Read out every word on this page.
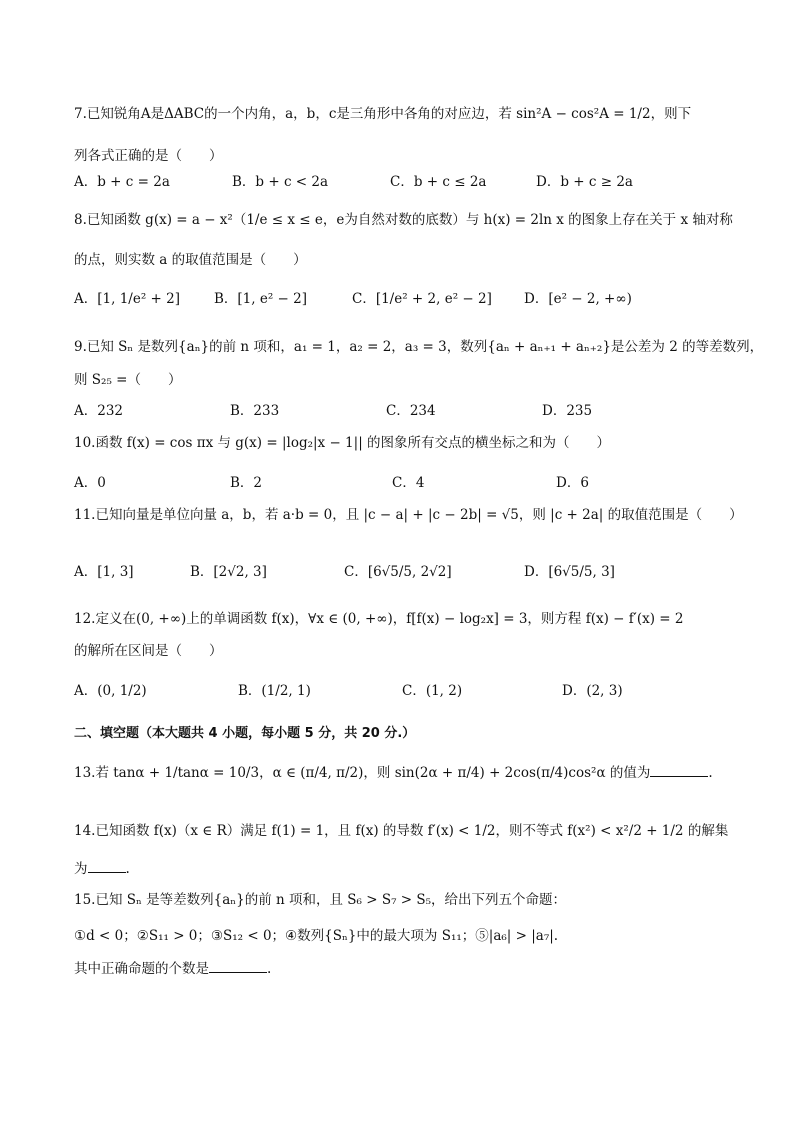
7.已知锐角A是ΔABC的一个内角，a，b，c是三角形中各角的对应边，若 sin²A − cos²A = 1/2，则下
列各式正确的是（　　）
A．b + c = 2a	B．b + c < 2a	C．b + c ≤ 2a	D．b + c ≥ 2a
8.已知函数 g(x) = a − x²（1/e ≤ x ≤ e，e为自然对数的底数）与 h(x) = 2ln x 的图象上存在关于 x 轴对称
的点，则实数 a 的取值范围是（　　）
A．[1, 1/e² + 2]	B．[1, e² − 2]	C．[1/e² + 2, e² − 2] D．[e² − 2, +∞)
9.已知 Sₙ 是数列{aₙ}的前 n 项和，a₁ = 1，a₂ = 2，a₃ = 3，数列{aₙ + aₙ₊₁ + aₙ₊₂}是公差为 2 的等差数列，
则 S₂₅ =（　　）
A．232	B．233	C．234	D．235
10.函数 f(x) = cos πx 与 g(x) = |log₂|x − 1|| 的图象所有交点的横坐标之和为（　　）
A．0	B．2	C．4	D．6
11.已知向量是单位向量 a，b，若 a·b = 0，且 |c − a| + |c − 2b| = √5，则 |c + 2a| 的取值范围是（　　）
A．[1, 3]	B．[2√2, 3]	C．[6√5/5, 2√2]	D．[6√5/5, 3]
12.定义在(0, +∞)上的单调函数 f(x)，∀x ∈ (0, +∞)，f[f(x) − log₂x] = 3，则方程 f(x) − f′(x) = 2
的解所在区间是（　　）
A．(0, 1/2)	B．(1/2, 1)	C．(1, 2)	D．(2, 3)
二、填空题（本大题共 4 小题，每小题 5 分，共 20 分.）
13.若 tanα + 1/tanα = 10/3，α ∈ (π/4, π/2)，则 sin(2α + π/4) + 2cos(π/4)cos²α 的值为	.
14.已知函数 f(x)（x ∈ R）满足 f(1) = 1，且 f(x) 的导数 f′(x) < 1/2，则不等式 f(x²) < x²/2 + 1/2 的解集
为	.
15.已知 Sₙ 是等差数列{aₙ}的前 n 项和，且 S₆ > S₇ > S₅，给出下列五个命题：
①d < 0；②S₁₁ > 0；③S₁₂ < 0；④数列{Sₙ}中的最大项为 S₁₁；⑤|a₆| > |a₇|.
其中正确命题的个数是	.
